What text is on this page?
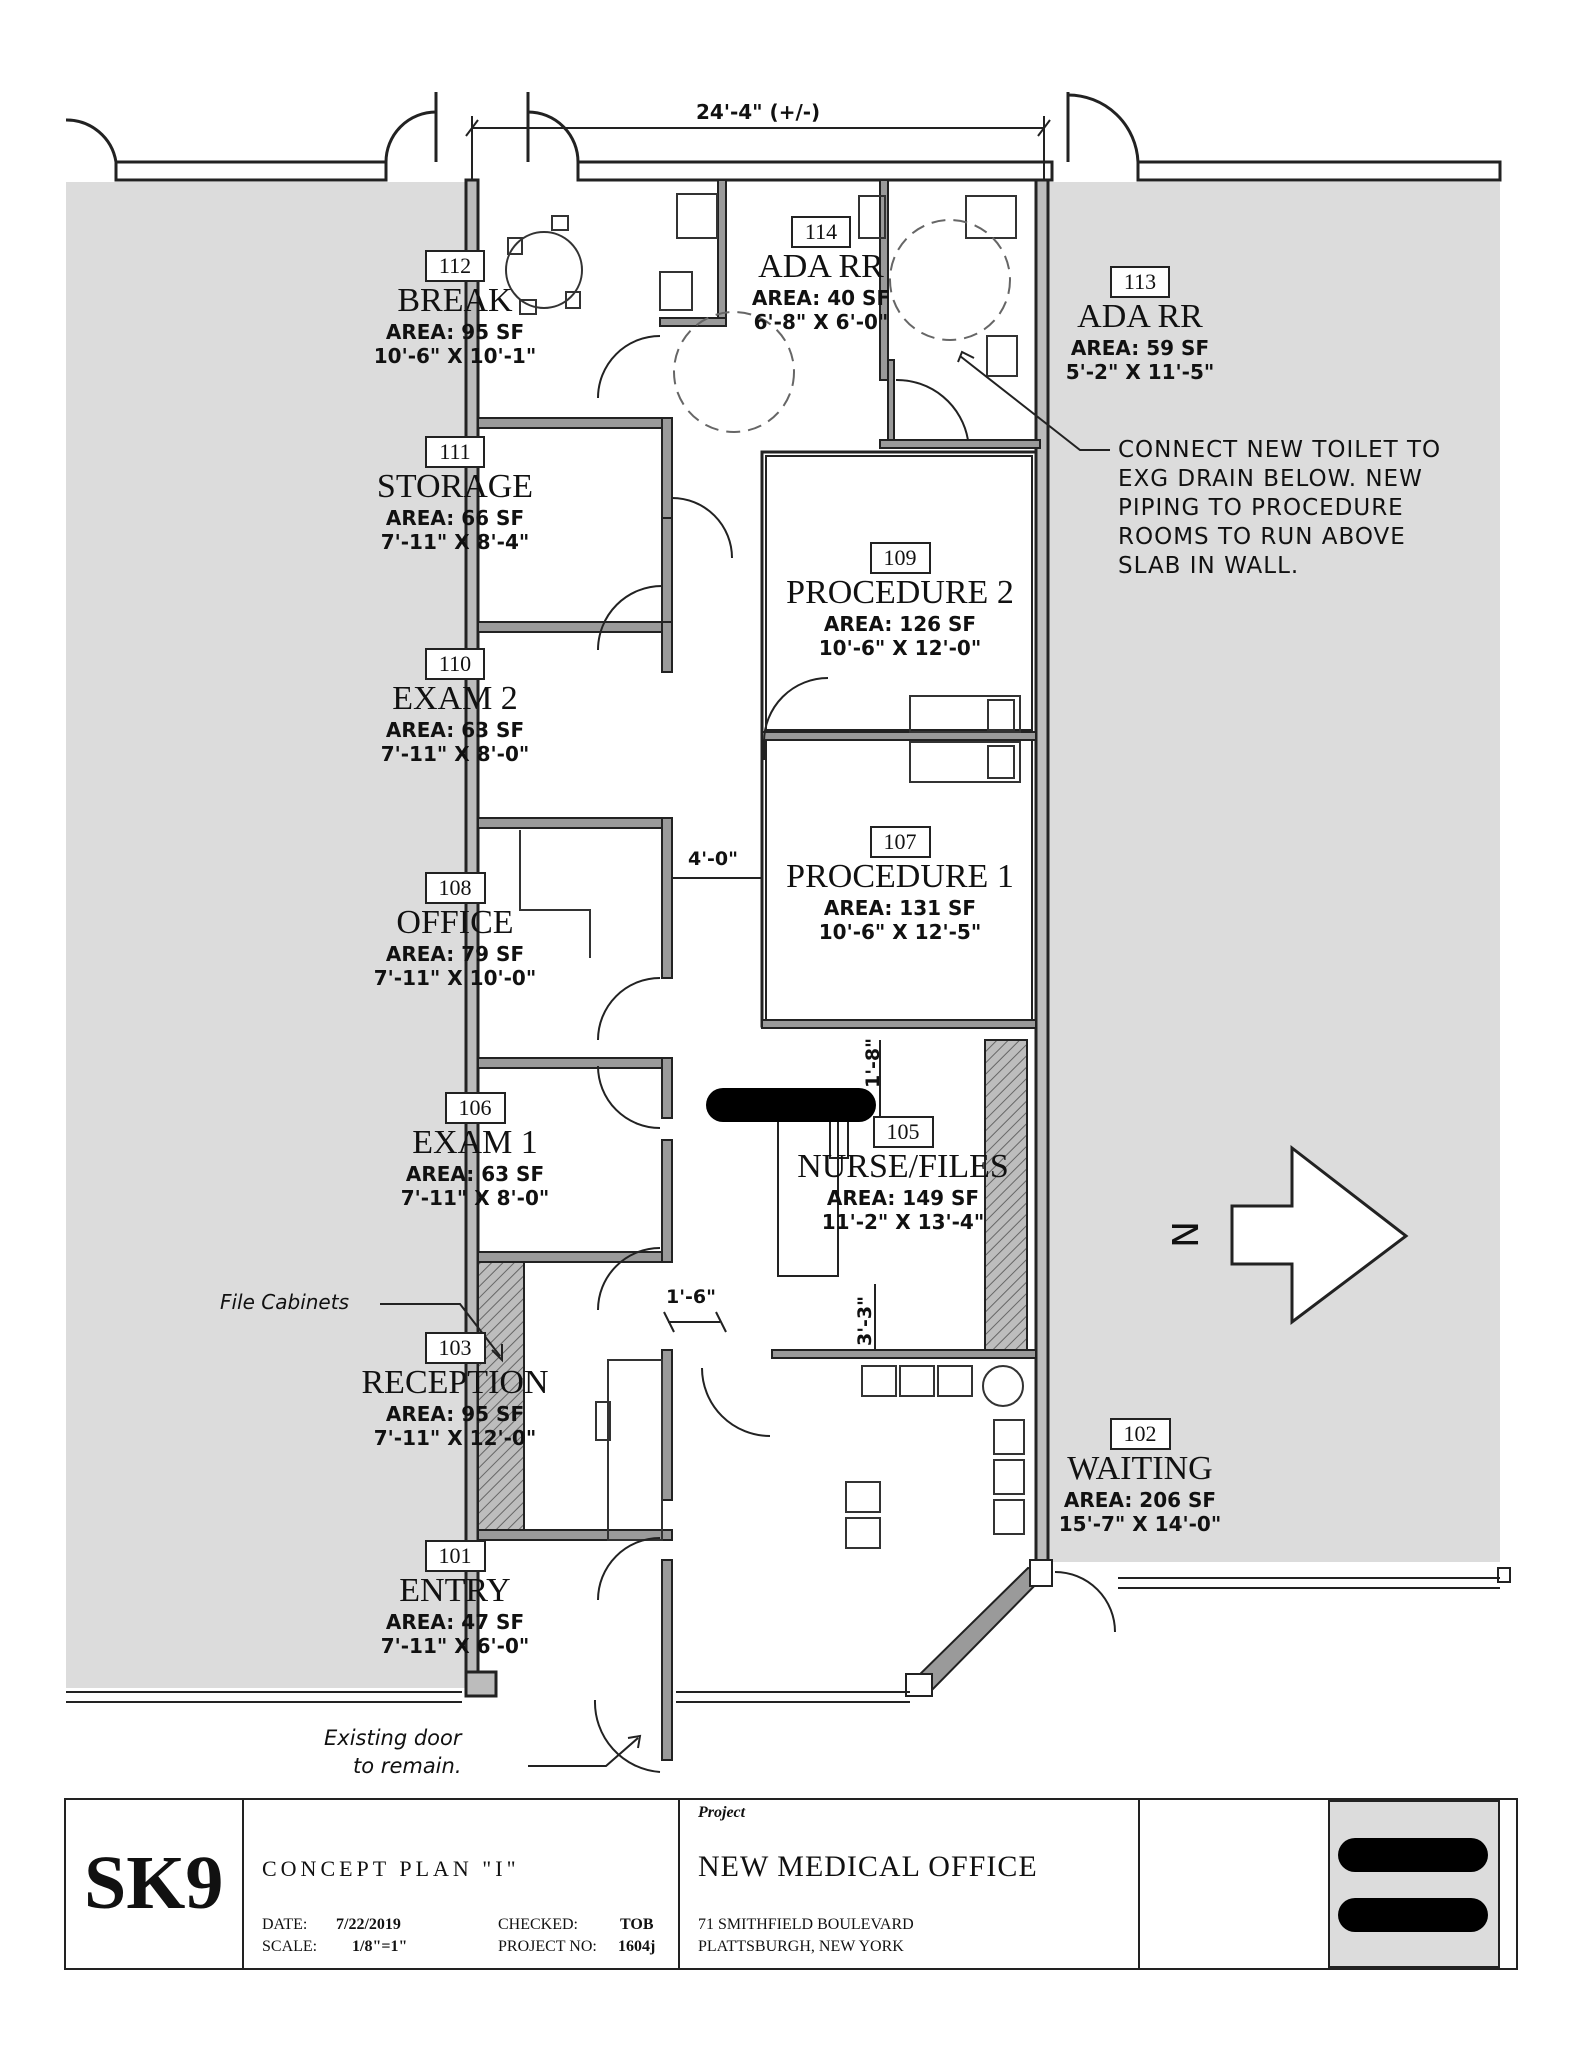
24'-4" (+/-)
112

BREAK
AREA: 95 SF
10'-6" X 10'-1"
111

STORAGE
AREA: 66 SF
7'-11" X 8'-4"
110

EXAM 2
AREA: 63 SF
7'-11" X 8'-0"
108

OFFICE
AREA: 79 SF
7'-11" X 10'-0"
106

EXAM 1
AREA: 63 SF
7'-11" X 8'-0"
103

RECEPTION
AREA: 95 SF
7'-11" X 12'-0"
101

ENTRY
AREA: 47 SF
7'-11" X 6'-0"
114

ADA RR
AREA: 40 SF
6'-8" X 6'-0"
113

ADA RR
AREA: 59 SF
5'-2" X 11'-5"
109

PROCEDURE 2
AREA: 126 SF
10'-6" X 12'-0"
107

PROCEDURE 1
AREA: 131 SF
10'-6" X 12'-5"
105

NURSE/FILES
AREA: 149 SF
11'-2" X 13'-4"
102

WAITING
AREA: 206 SF
15'-7" X 14'-0"
4'-0"
1'-8"
1'-6"	3'-3"
CONNECT NEW TOILET TO
EXG DRAIN BELOW. NEW
PIPING TO PROCEDURE
ROOMS TO RUN ABOVE
SLAB IN WALL.
File Cabinets
Existing door
to remain.
N
SK9 CONCEPT PLAN "I"
DATE: 7/22/2019
SCALE: 1/8"=1"
CHECKED:	TOB
PROJECT NO: 1604j
Project
NEW MEDICAL OFFICE
71 SMITHFIELD BOULEVARD
PLATTSBURGH, NEW YORK
